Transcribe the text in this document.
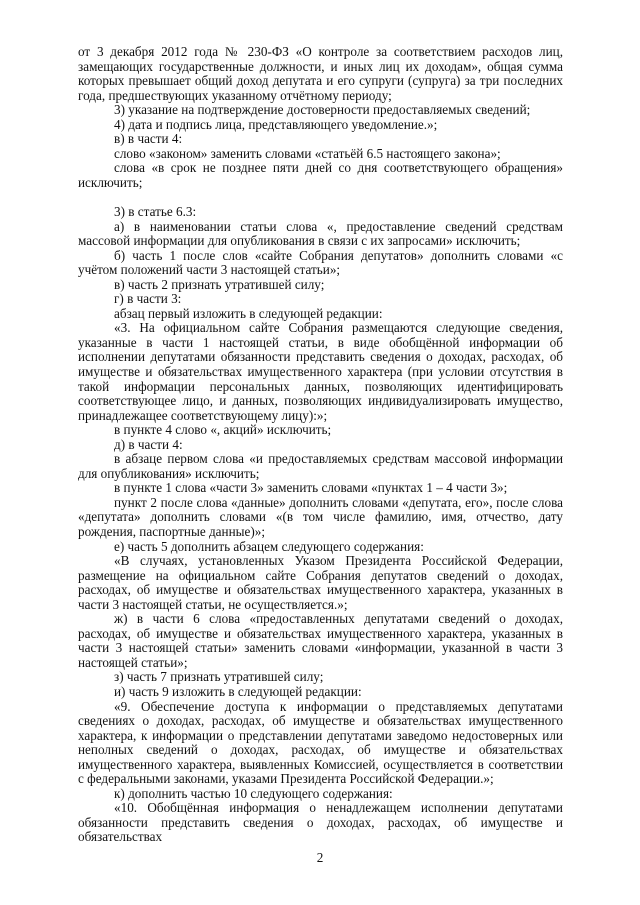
от 3 декабря 2012 года № 230-ФЗ «О контроле за соответствием расходов лиц, замещающих государственные должности, и иных лиц их доходам», общая сумма которых превышает общий доход депутата и его супруги (супруга) за три последних года, предшествующих указанному отчётному периоду;

3) указание на подтверждение достоверности предоставляемых сведений;

4) дата и подпись лица, представляющего уведомление.»;

в) в части 4:

слово «законом» заменить словами «статьёй 6.5 настоящего закона»;

слова «в срок не позднее пяти дней со дня соответствующего обращения» исключить;

3) в статье 6.3:

а) в наименовании статьи слова «, предоставление сведений средствам массовой информации для опубликования в связи с их запросами» исключить;

б) часть 1 после слов «сайте Собрания депутатов» дополнить словами «с учётом положений части 3 настоящей статьи»;

в) часть 2 признать утратившей силу;

г) в части 3:

абзац первый изложить в следующей редакции:

«3. На официальном сайте Собрания размещаются следующие сведения, указанные в части 1 настоящей статьи, в виде обобщённой информации об исполнении депутатами обязанности представить сведения о доходах, расходах, об имуществе и обязательствах имущественного характера (при условии отсутствия в такой информации персональных данных, позволяющих идентифицировать соответствующее лицо, и данных, позволяющих индивидуализировать имущество, принадлежащее соответствующему лицу):»;

в пункте 4 слово «, акций» исключить;

д) в части 4:

в абзаце первом слова «и предоставляемых средствам массовой информации для опубликования» исключить;

в пункте 1 слова «части 3» заменить словами «пунктах 1 – 4 части 3»;

пункт 2 после слова «данные» дополнить словами «депутата, его», после слова «депутата» дополнить словами «(в том числе фамилию, имя, отчество, дату рождения, паспортные данные)»;

е) часть 5 дополнить абзацем следующего содержания:

«В случаях, установленных Указом Президента Российской Федерации, размещение на официальном сайте Собрания депутатов сведений о доходах, расходах, об имуществе и обязательствах имущественного характера, указанных в части 3 настоящей статьи, не осуществляется.»;

ж) в части 6 слова «предоставленных депутатами сведений о доходах, расходах, об имуществе и обязательствах имущественного характера, указанных в части 3 настоящей статьи» заменить словами «информации, указанной в части 3 настоящей статьи»;

з) часть 7 признать утратившей силу;

и) часть 9 изложить в следующей редакции:

«9. Обеспечение доступа к информации о представляемых депутатами сведениях о доходах, расходах, об имуществе и обязательствах имущественного характера, к информации о представлении депутатами заведомо недостоверных или неполных сведений о доходах, расходах, об имуществе и обязательствах имущественного характера, выявленных Комиссией, осуществляется в соответствии с федеральными законами, указами Президента Российской Федерации.»;

к) дополнить частью 10 следующего содержания:

«10. Обобщённая информация о ненадлежащем исполнении депутатами обязанности представить сведения о доходах, расходах, об имуществе и обязательствах

2
